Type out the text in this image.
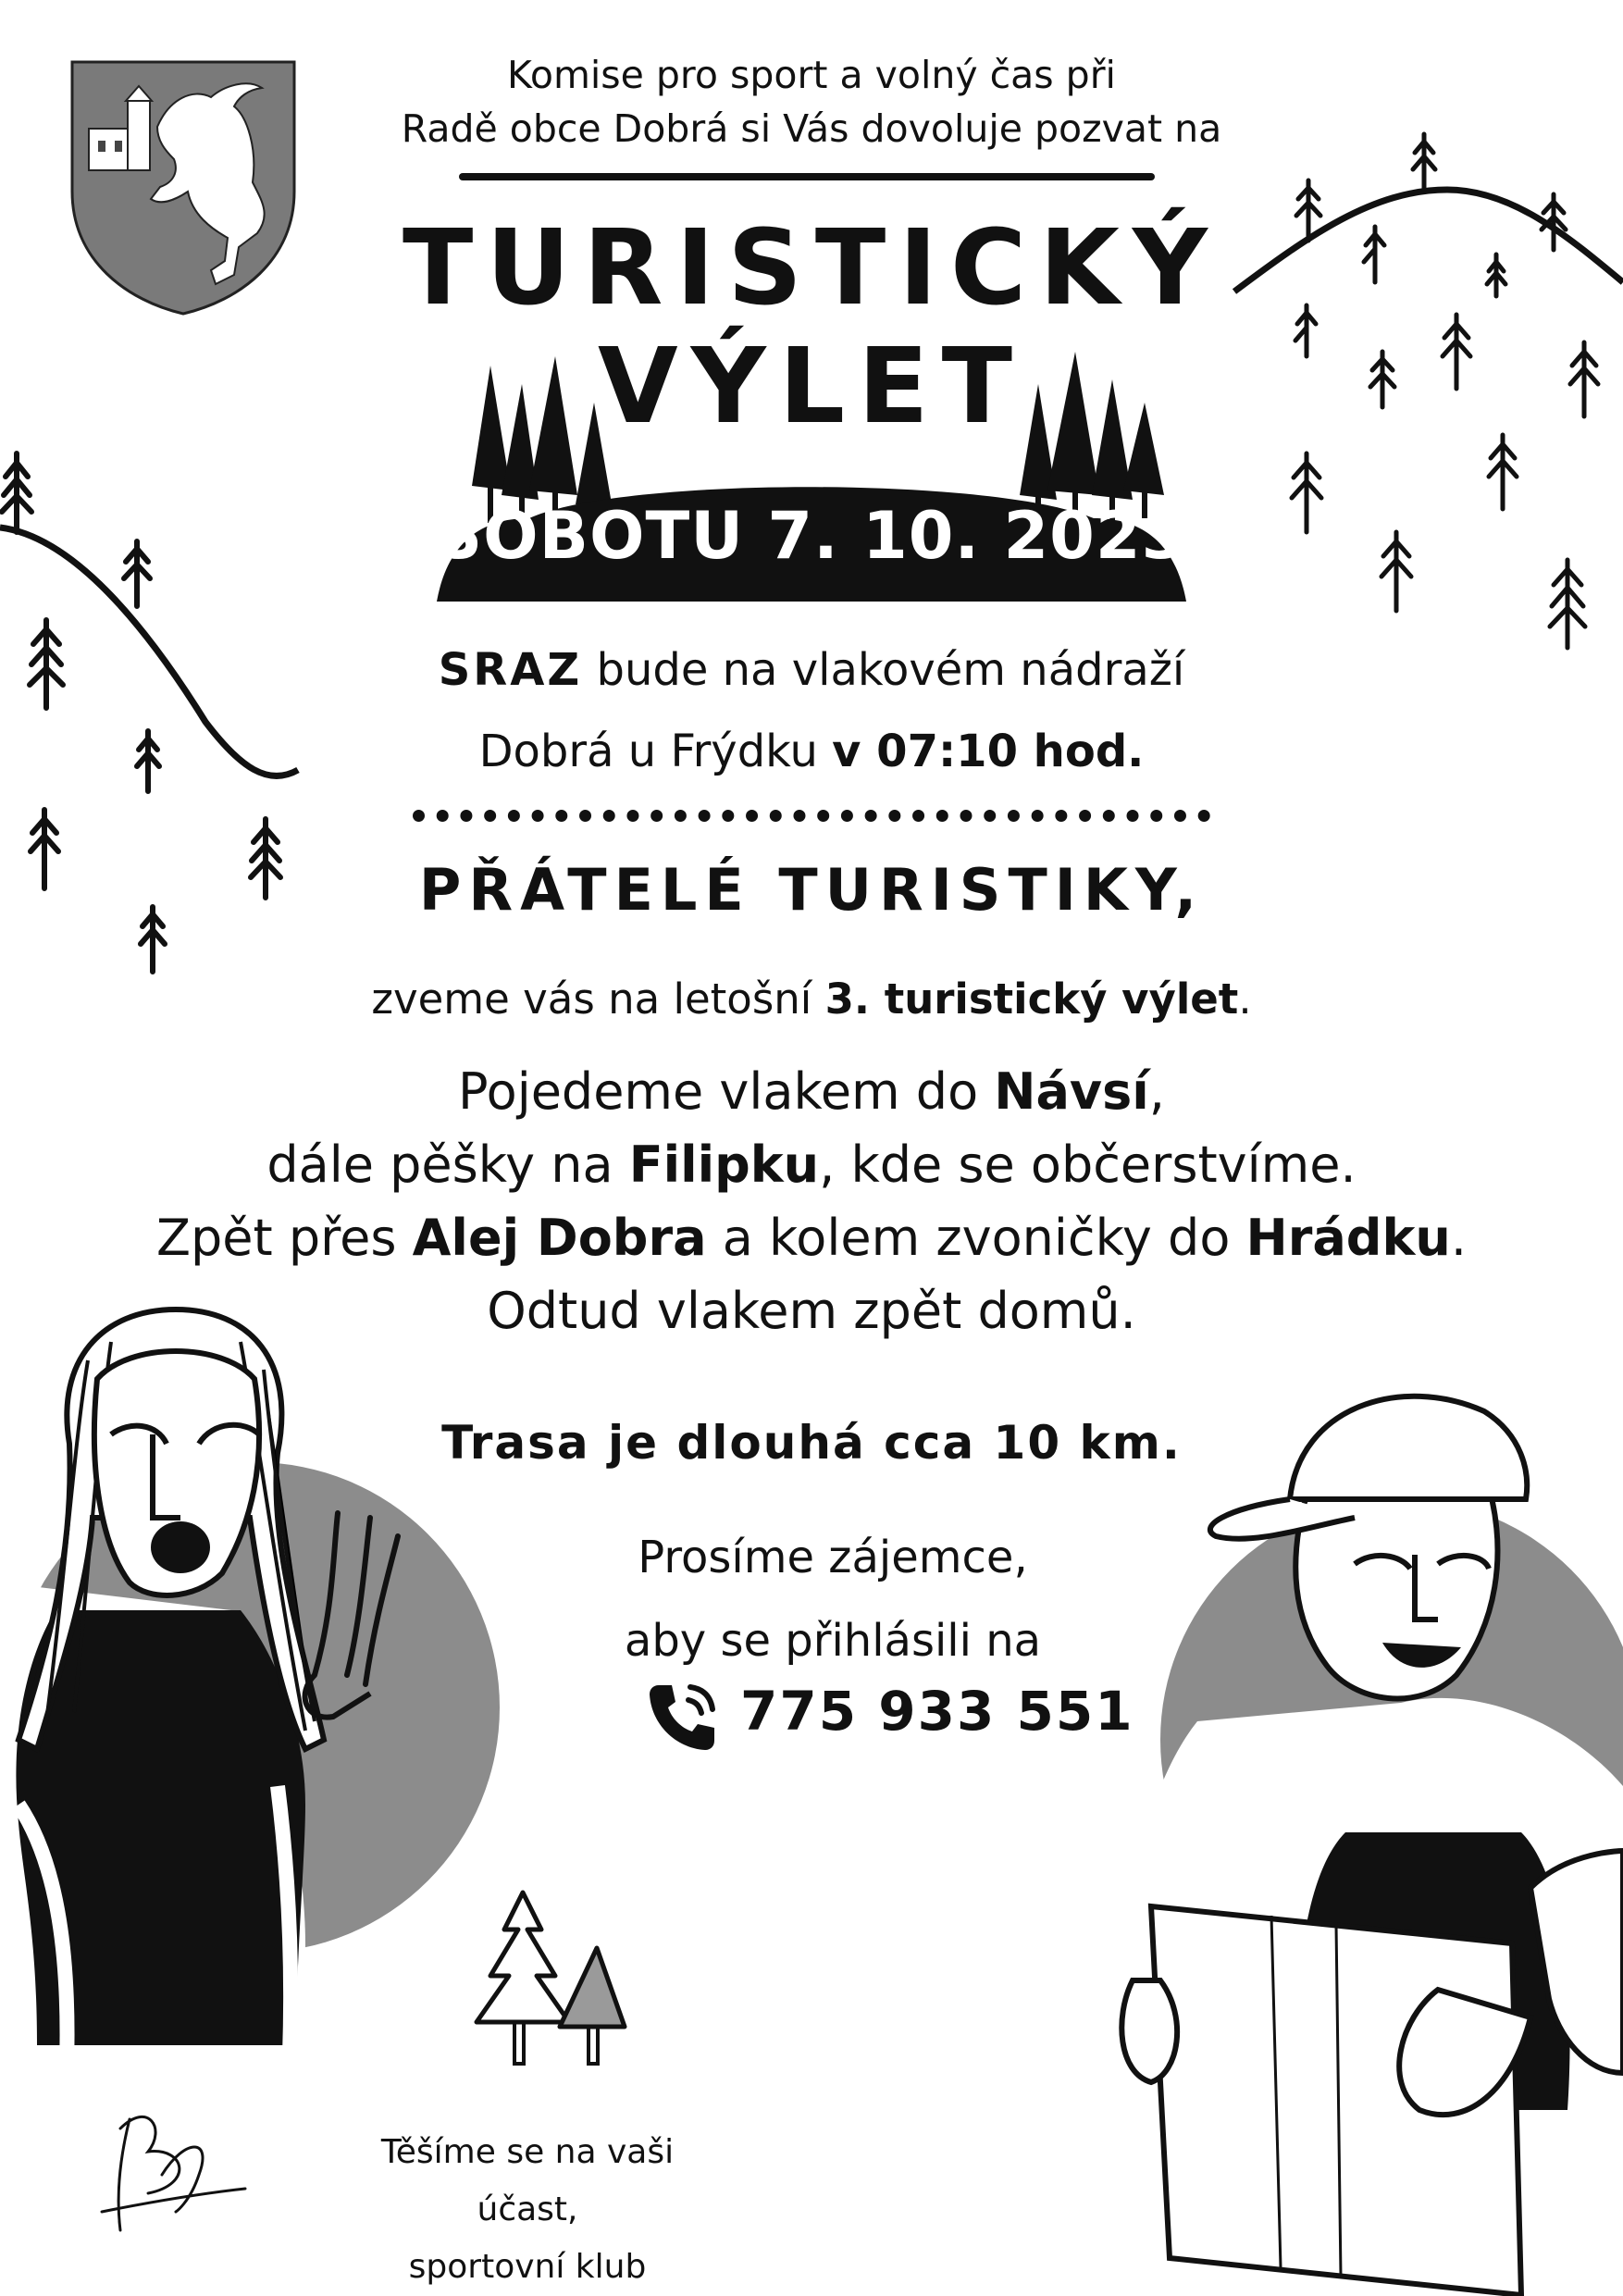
Komise pro sport a volný čas při
Radě obce Dobrá si Vás dovoluje pozvat na
TURISTICKÝ
VÝLET
SOBOTU 7. 10. 2023
SRAZ bude na vlakovém nádraží
Dobrá u Frýdku v 07:10 hod.
PŘÁTELÉ TURISTIKY,
zveme vás na letošní 3. turistický výlet.
Pojedeme vlakem do Návsí,
dále pěšky na Filipku, kde se občerstvíme.
Zpět přes Alej Dobra a kolem zvoničky do Hrádku.
Odtud vlakem zpět domů.
Trasa je dlouhá cca 10 km.
Prosíme zájemce,
aby se přihlásili na
775 933 551
Těšíme se na vaši účast,
sportovní klub
